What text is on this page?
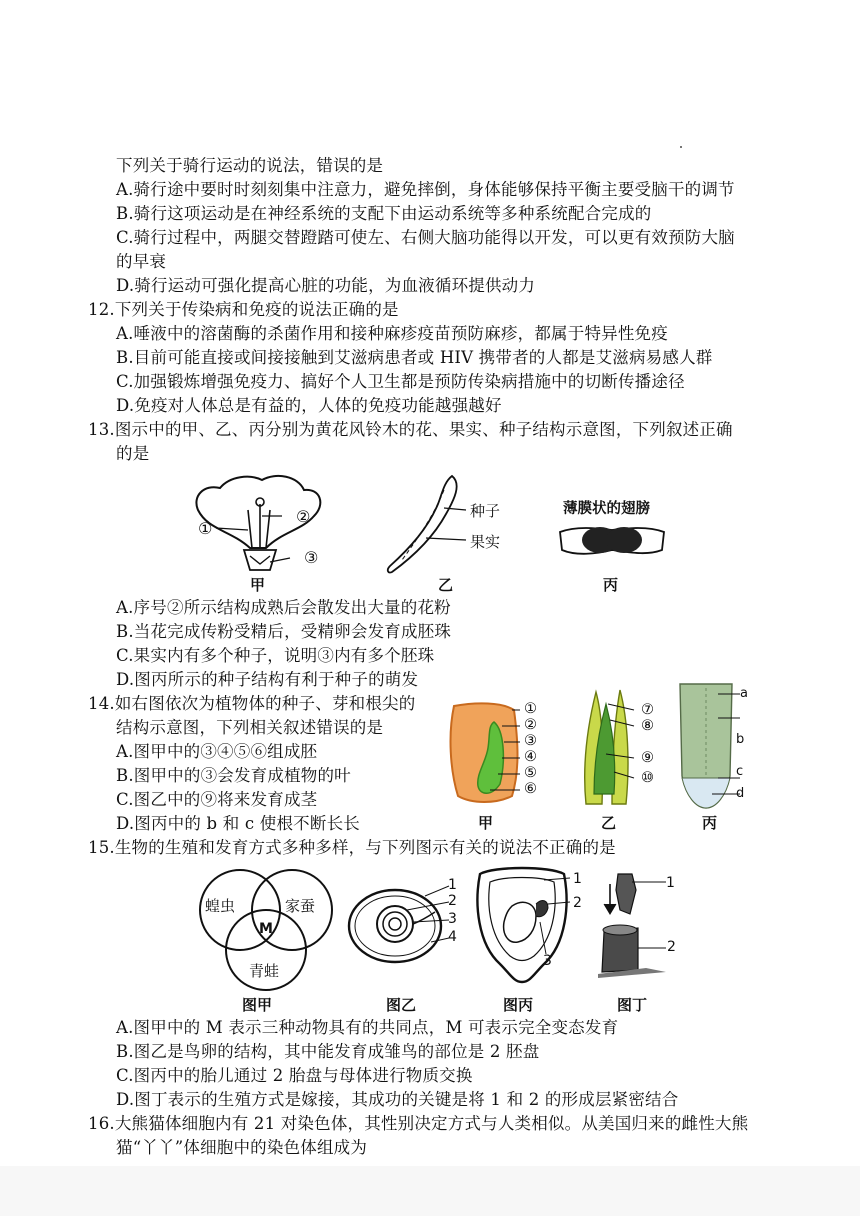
下列关于骑行运动的说法，错误的是
A.骑行途中要时时刻刻集中注意力，避免摔倒，身体能够保持平衡主要受脑干的调节
B.骑行这项运动是在神经系统的支配下由运动系统等多种系统配合完成的
C.骑行过程中，两腿交替蹬踏可使左、右侧大脑功能得以开发，可以更有效预防大脑
的早衰
D.骑行运动可强化提高心脏的功能，为血液循环提供动力
12.下列关于传染病和免疫的说法正确的是
A.唾液中的溶菌酶的杀菌作用和接种麻疹疫苗预防麻疹，都属于特异性免疫
B.目前可能直接或间接接触到艾滋病患者或 HIV 携带者的人都是艾滋病易感人群
C.加强锻炼增强免疫力、搞好个人卫生都是预防传染病措施中的切断传播途径
D.免疫对人体总是有益的，人体的免疫功能越强越好
13.图示中的甲、乙、丙分别为黄花风铃木的花、果实、种子结构示意图，下列叙述正确
的是
①
②
③
甲
种子
果实
乙
薄膜状的翅膀
丙
A.序号②所示结构成熟后会散发出大量的花粉
B.当花完成传粉受精后，受精卵会发育成胚珠
C.果实内有多个种子，说明③内有多个胚珠
D.图丙所示的种子结构有利于种子的萌发
14.如右图依次为植物体的种子、芽和根尖的
结构示意图，下列相关叙述错误的是
A.图甲中的③④⑤⑥组成胚
B.图甲中的③会发育成植物的叶
C.图乙中的⑨将来发育成茎
D.图丙中的 b 和 c 使根不断长长
①
②
③
④
⑤
⑥
甲
⑦
⑧
⑨
⑩
乙
a
b
c
d
丙
15.生物的生殖和发育方式多种多样，与下列图示有关的说法不正确的是
蝗虫	家蚕
M
青蛙
图甲
1
2
3
4
图乙
1
2
3
图丙
1
2
图丁
A.图甲中的 M 表示三种动物具有的共同点，M 可表示完全变态发育
B.图乙是鸟卵的结构，其中能发育成雏鸟的部位是 2 胚盘
C.图丙中的胎儿通过 2 胎盘与母体进行物质交换
D.图丁表示的生殖方式是嫁接，其成功的关键是将 1 和 2 的形成层紧密结合
16.大熊猫体细胞内有 21 对染色体，其性别决定方式与人类相似。从美国归来的雌性大熊
猫“丫丫”体细胞中的染色体组成为
